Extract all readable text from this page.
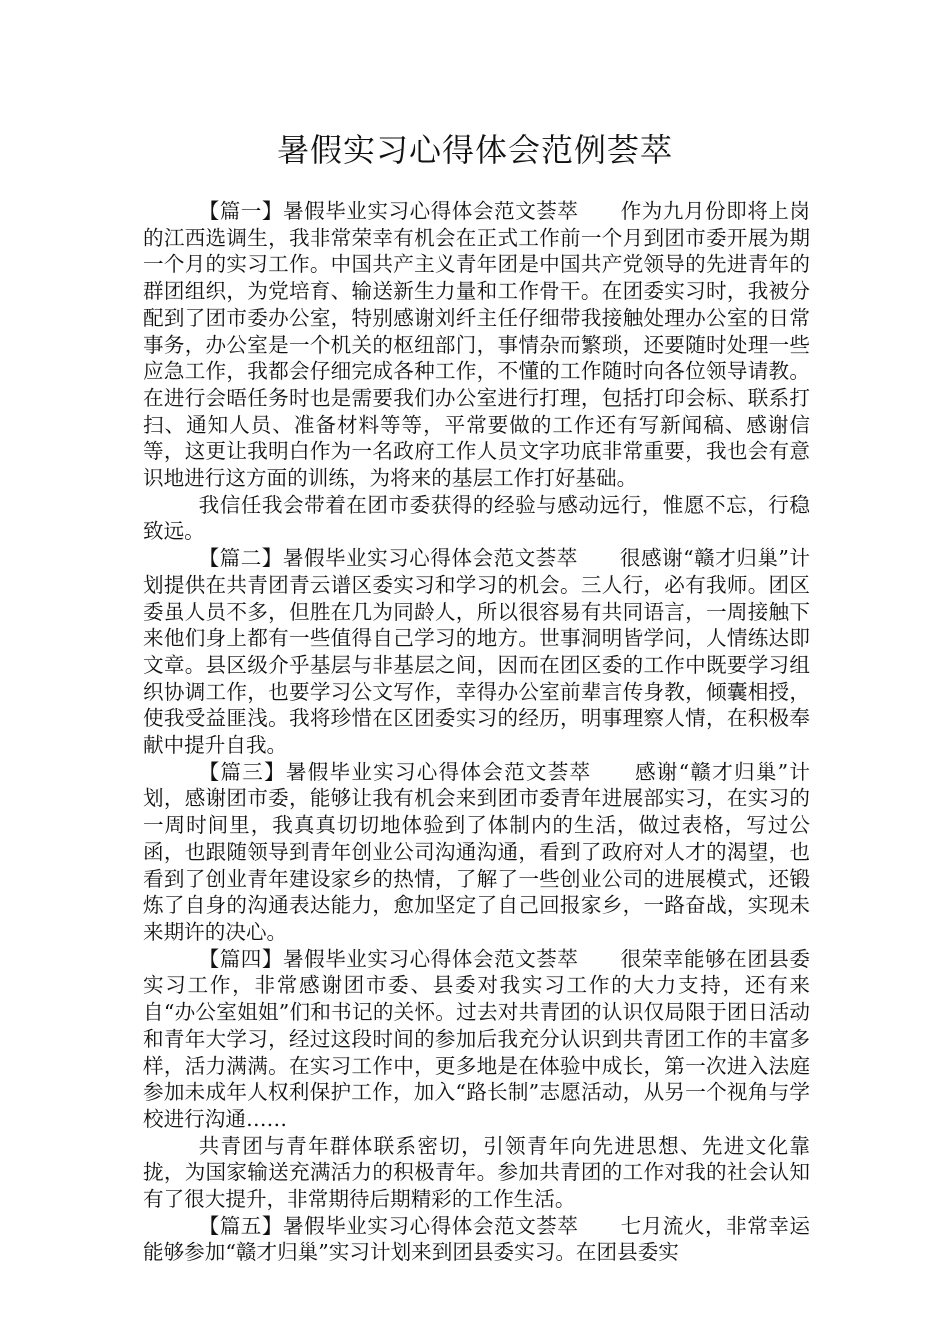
暑假实习心得体会范例荟萃

【篇一】暑假毕业实习心得体会范文荟萃　　作为九月份即将上岗的江西选调生，我非常荣幸有机会在正式工作前一个月到团市委开展为期一个月的实习工作。中国共产主义青年团是中国共产党领导的先进青年的群团组织，为党培育、输送新生力量和工作骨干。在团委实习时，我被分配到了团市委办公室，特别感谢刘纤主任仔细带我接触处理办公室的日常事务，办公室是一个机关的枢纽部门，事情杂而繁琐，还要随时处理一些应急工作，我都会仔细完成各种工作，不懂的工作随时向各位领导请教。在进行会晤任务时也是需要我们办公室进行打理，包括打印会标、联系打扫、通知人员、准备材料等等，平常要做的工作还有写新闻稿、感谢信等，这更让我明白作为一名政府工作人员文字功底非常重要，我也会有意识地进行这方面的训练，为将来的基层工作打好基础。

我信任我会带着在团市委获得的经验与感动远行，惟愿不忘，行稳致远。

【篇二】暑假毕业实习心得体会范文荟萃　　很感谢“赣才归巢”计划提供在共青团青云谱区委实习和学习的机会。三人行，必有我师。团区委虽人员不多，但胜在几为同龄人，所以很容易有共同语言，一周接触下来他们身上都有一些值得自己学习的地方。世事洞明皆学问，人情练达即文章。县区级介乎基层与非基层之间，因而在团区委的工作中既要学习组织协调工作，也要学习公文写作，幸得办公室前辈言传身教，倾囊相授，使我受益匪浅。我将珍惜在区团委实习的经历，明事理察人情，在积极奉献中提升自我。

【篇三】暑假毕业实习心得体会范文荟萃　　感谢“赣才归巢”计划，感谢团市委，能够让我有机会来到团市委青年进展部实习，在实习的一周时间里，我真真切切地体验到了体制内的生活，做过表格，写过公函，也跟随领导到青年创业公司沟通沟通，看到了政府对人才的渴望，也看到了创业青年建设家乡的热情，了解了一些创业公司的进展模式，还锻炼了自身的沟通表达能力，愈加坚定了自己回报家乡，一路奋战，实现未来期许的决心。

【篇四】暑假毕业实习心得体会范文荟萃　　很荣幸能够在团县委实习工作，非常感谢团市委、县委对我实习工作的大力支持，还有来自“办公室姐姐”们和书记的关怀。过去对共青团的认识仅局限于团日活动和青年大学习，经过这段时间的参加后我充分认识到共青团工作的丰富多样，活力满满。在实习工作中，更多地是在体验中成长，第一次进入法庭参加未成年人权利保护工作，加入“路长制”志愿活动，从另一个视角与学校进行沟通……

共青团与青年群体联系密切，引领青年向先进思想、先进文化靠拢，为国家输送充满活力的积极青年。参加共青团的工作对我的社会认知有了很大提升，非常期待后期精彩的工作生活。

【篇五】暑假毕业实习心得体会范文荟萃　　七月流火，非常幸运能够参加“赣才归巢”实习计划来到团县委实习。在团县委实
